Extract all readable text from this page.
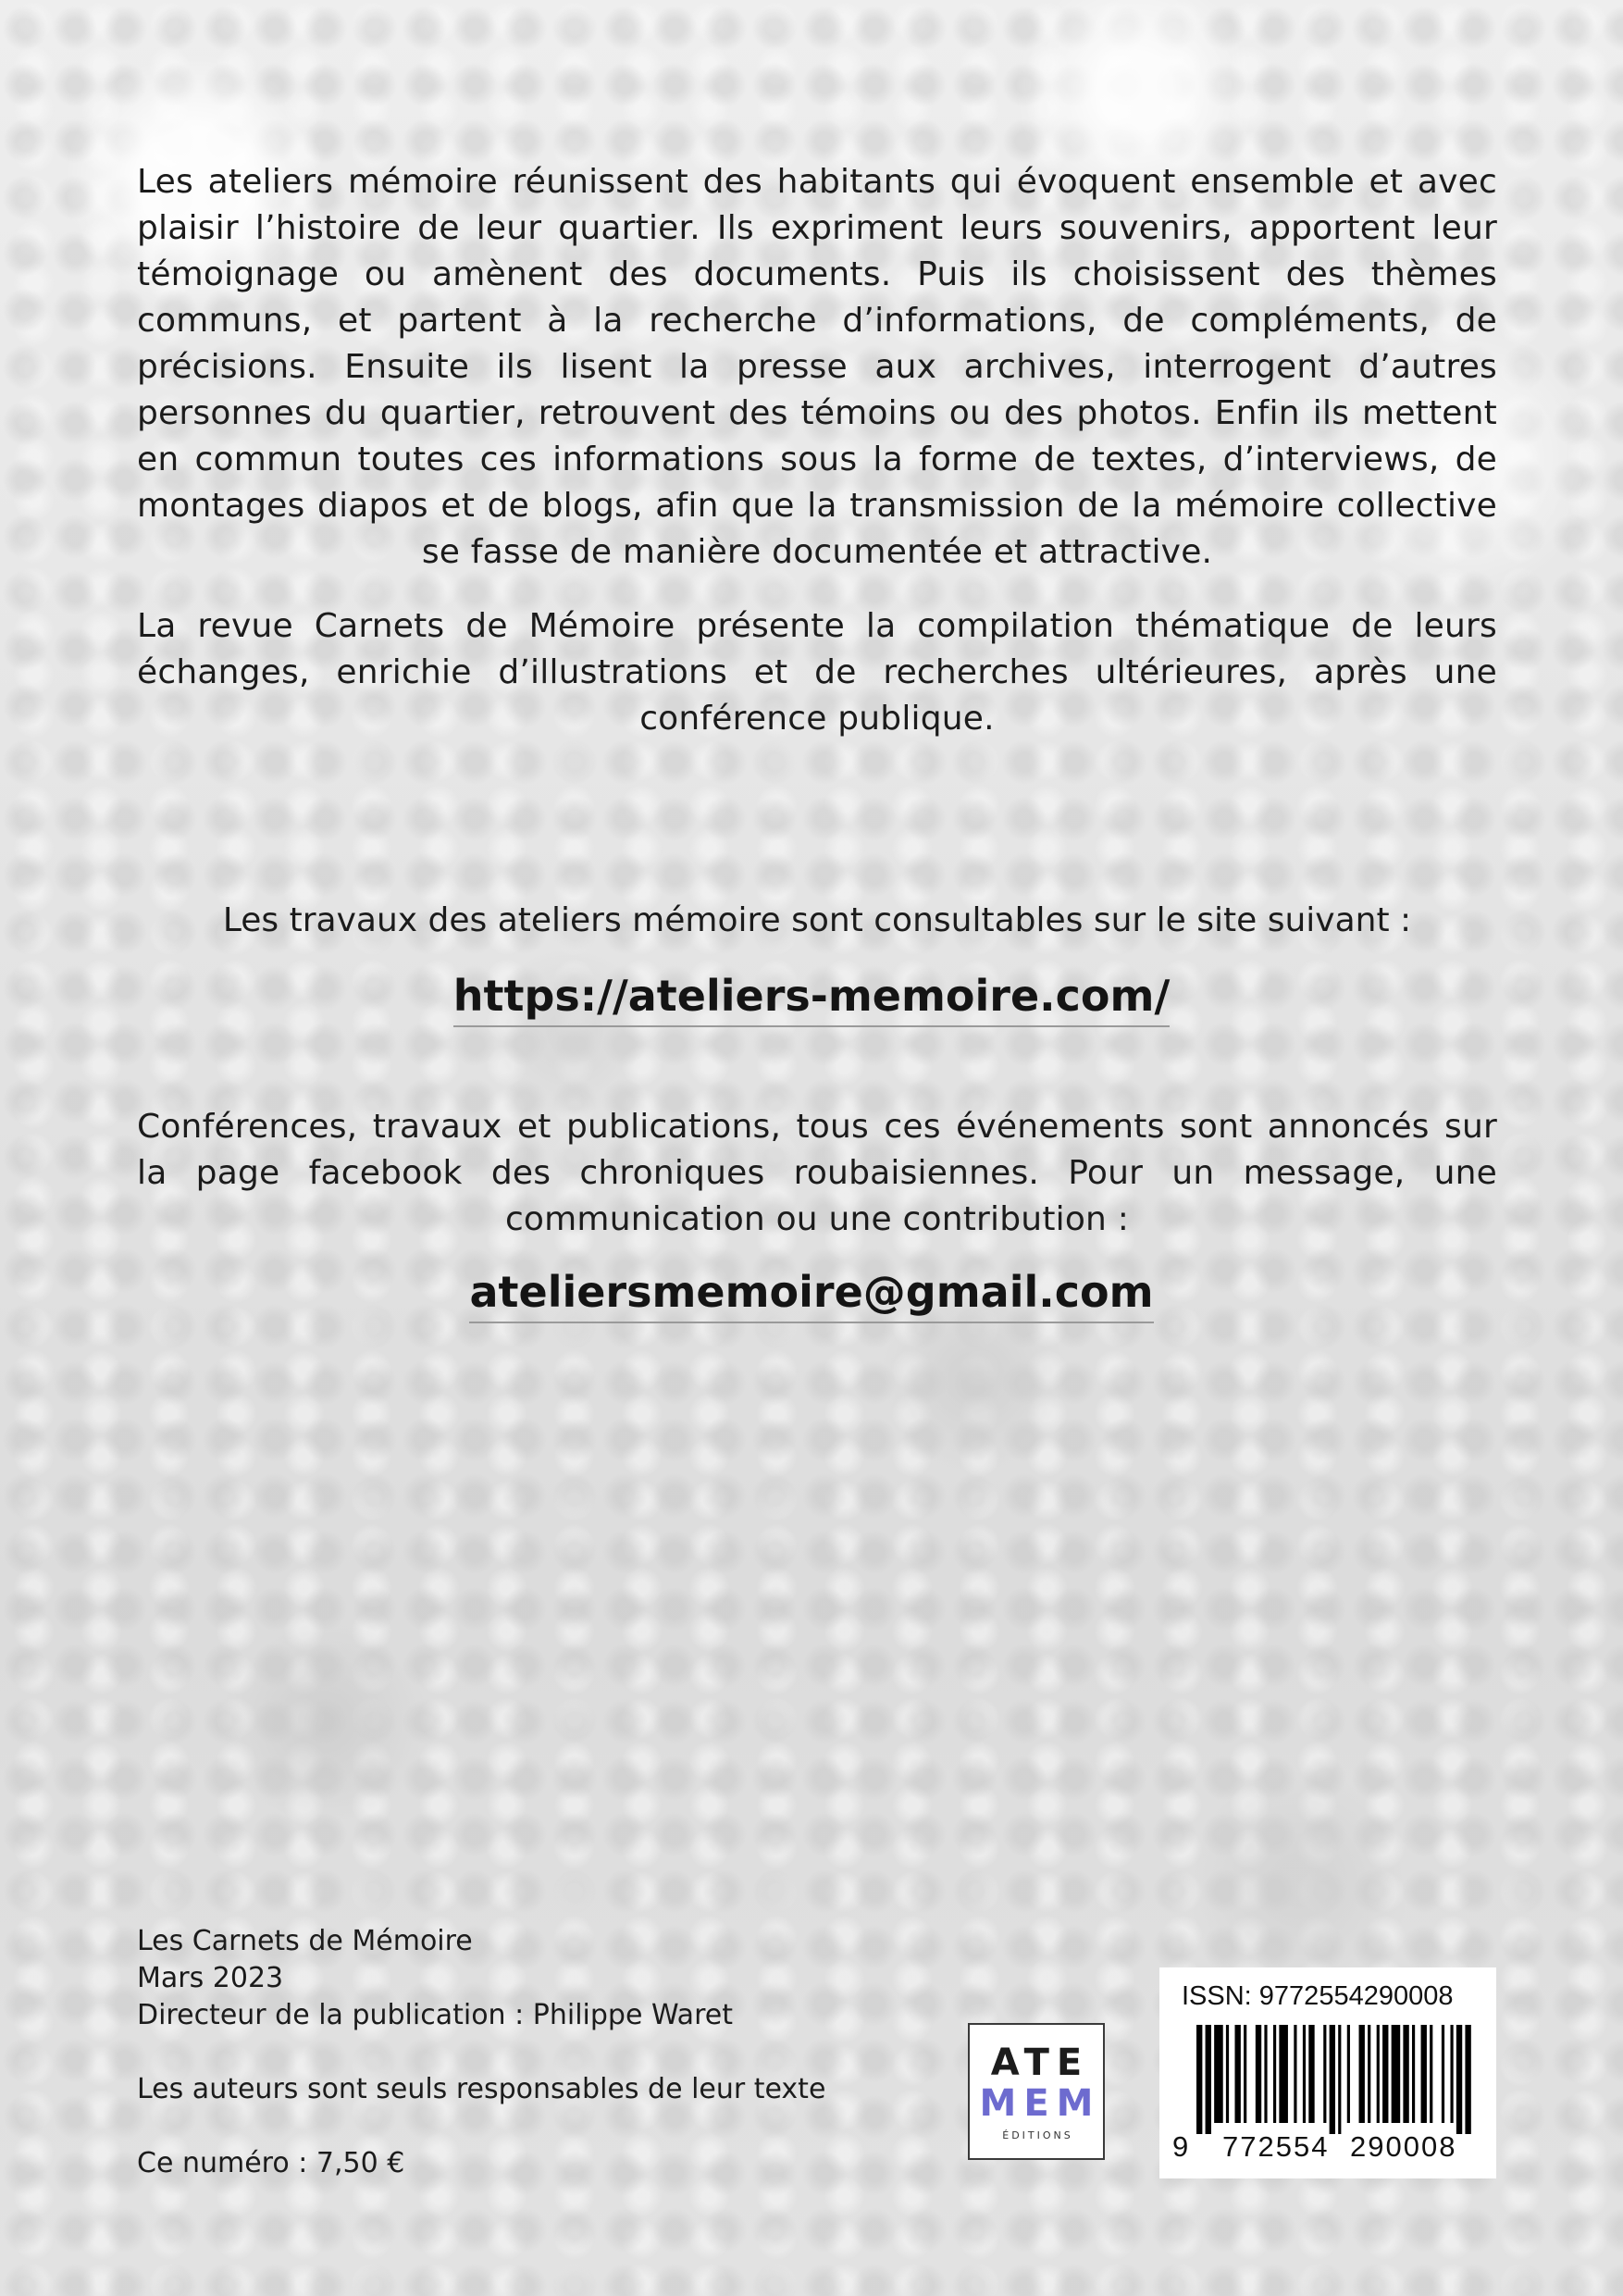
Les ateliers mémoire réunissent des habitants qui évoquent ensemble et avec plaisir l’histoire de leur quartier. Ils expriment leurs souvenirs, apportent leur témoignage ou amènent des documents. Puis ils choisissent des thèmes communs, et partent à la recherche d’informations, de compléments, de précisions. Ensuite ils lisent la presse aux archives, interrogent d’autres personnes du quartier, retrouvent des témoins ou des photos. Enfin ils mettent en commun toutes ces informations sous la forme de textes, d’interviews, de montages diapos et de blogs, afin que la transmission de la mémoire collective se fasse de manière documentée et attractive.

La revue Carnets de Mémoire présente la compilation thématique de leurs échanges, enrichie d’illustrations et de recherches ultérieures, après une conférence publique.

Les travaux des ateliers mémoire sont consultables sur le site suivant :

https://ateliers-memoire.com/

Conférences, travaux et publications, tous ces événements sont annoncés sur la page facebook des chroniques roubaisiennes. Pour un message, une communication ou une contribution :

ateliersmemoire@gmail.com
Les Carnets de Mémoire
Mars 2023
Directeur de la publication : Philippe Waret
Les auteurs sont seuls responsables de leur texte
Ce numéro : 7,50 €
ATE
MEM
ÉDITIONS
ISSN: 9772554290008
9 772554 290008
